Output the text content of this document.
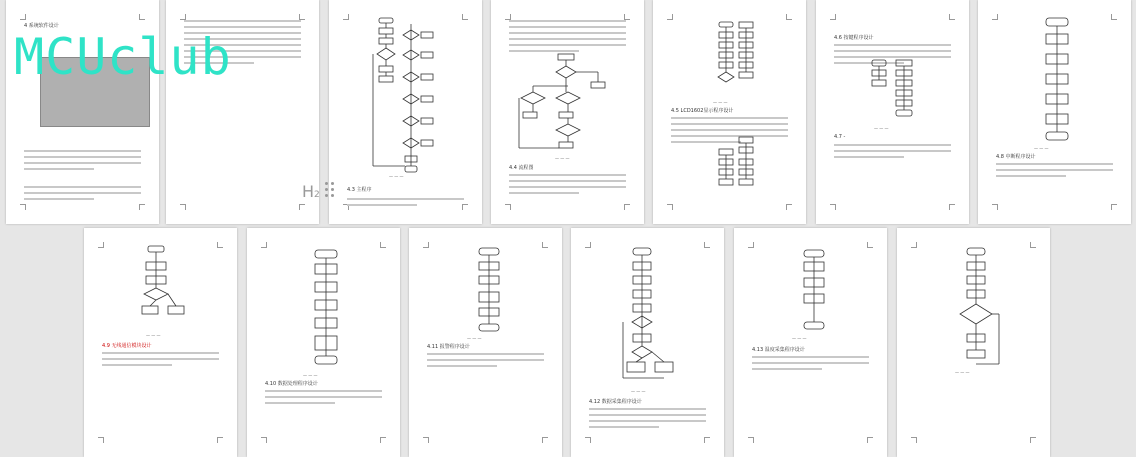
4 系统软件设计
— — —
4.3 主程序
— — —
4.4 流程图
— — —
4.5 LCD1602显示程序设计
4.6 按键程序设计
— — —
4.7 -
— — —
4.8 中断程序设计
— — —
4.9 无线通信模块设计
— — —
4.10 数据处理程序设计
— — —
4.11 报警程序设计
— — —
4.12 数据采集程序设计
— — —
4.13 温度采集程序设计
— — —
MCUclub
H2
